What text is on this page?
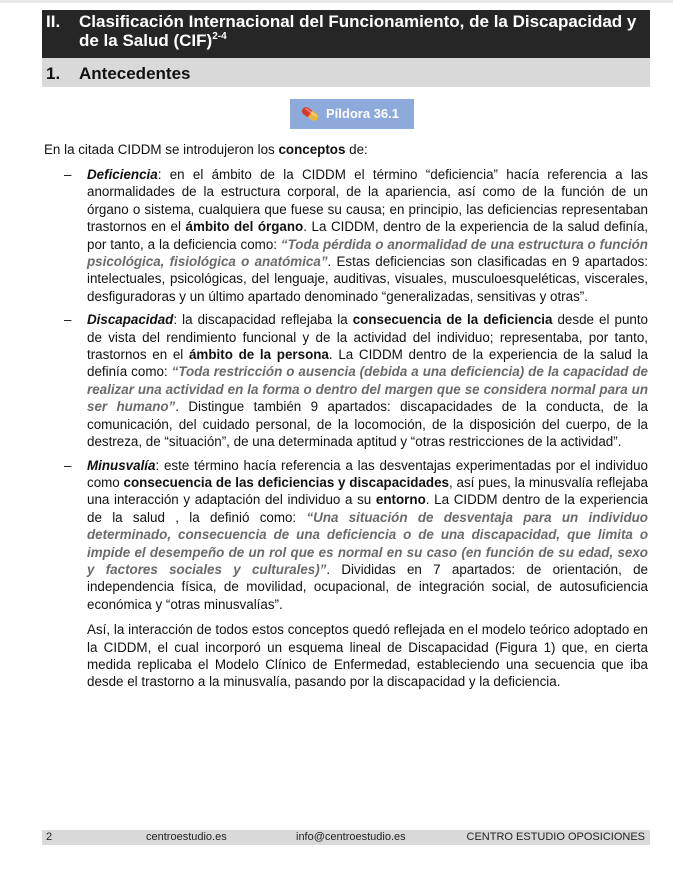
II. Clasificación Internacional del Funcionamiento, de la Discapacidad y de la Salud (CIF)$^{2-4}$
1. Antecedentes
Píldora 36.1
En la citada CIDDM se introdujeron los conceptos de:
– Deficiencia: en el ámbito de la CIDDM el término “deficiencia” hacía referencia a las anormalidades de la estructura corporal, de la apariencia, así como de la función de un órgano o sistema, cualquiera que fuese su causa; en principio, las deficiencias representaban trastornos en el ámbito del órgano. La CIDDM, dentro de la experiencia de la salud definía, por tanto, a la deficiencia como: “Toda pérdida o anormalidad de una estructura o función psicológica, fisiológica o anatómica”. Estas deficiencias son clasificadas en 9 apartados: intelectuales, psicológicas, del lenguaje, auditivas, visuales, musculoesqueléticas, viscerales, desfiguradoras y un último apartado denominado “generalizadas, sensitivas y otras”.
– Discapacidad: la discapacidad reflejaba la consecuencia de la deficiencia desde el punto de vista del rendimiento funcional y de la actividad del individuo; representaba, por tanto, trastornos en el ámbito de la persona. La CIDDM dentro de la experiencia de la salud la definía como: “Toda restricción o ausencia (debida a una deficiencia) de la capacidad de realizar una actividad en la forma o dentro del margen que se considera normal para un ser humano”. Distingue también 9 apartados: discapacidades de la conducta, de la comunicación, del cuidado personal, de la locomoción, de la disposición del cuerpo, de la destreza, de “situación”, de una determinada aptitud y “otras restricciones de la actividad”.
– Minusvalía: este término hacía referencia a las desventajas experimentadas por el individuo como consecuencia de las deficiencias y discapacidades, así pues, la minusvalía reflejaba una interacción y adaptación del individuo a su entorno. La CIDDM dentro de la experiencia de la salud , la definió como: “Una situación de desventaja para un individuo determinado, consecuencia de una deficiencia o de una discapacidad, que limita o impide el desempeño de un rol que es normal en su caso (en función de su edad, sexo y factores sociales y culturales)”. Divididas en 7 apartados: de orientación, de independencia física, de movilidad, ocupacional, de integración social, de autosuficiencia económica y “otras minusvalías”.
Así, la interacción de todos estos conceptos quedó reflejada en el modelo teórico adoptado en la CIDDM, el cual incorporó un esquema lineal de Discapacidad (Figura 1) que, en cierta medida replicaba el Modelo Clínico de Enfermedad, estableciendo una secuencia que iba desde el trastorno a la minusvalía, pasando por la discapacidad y la deficiencia.
2	centroestudio.es	info@centroestudio.es	CENTRO ESTUDIO OPOSICIONES
